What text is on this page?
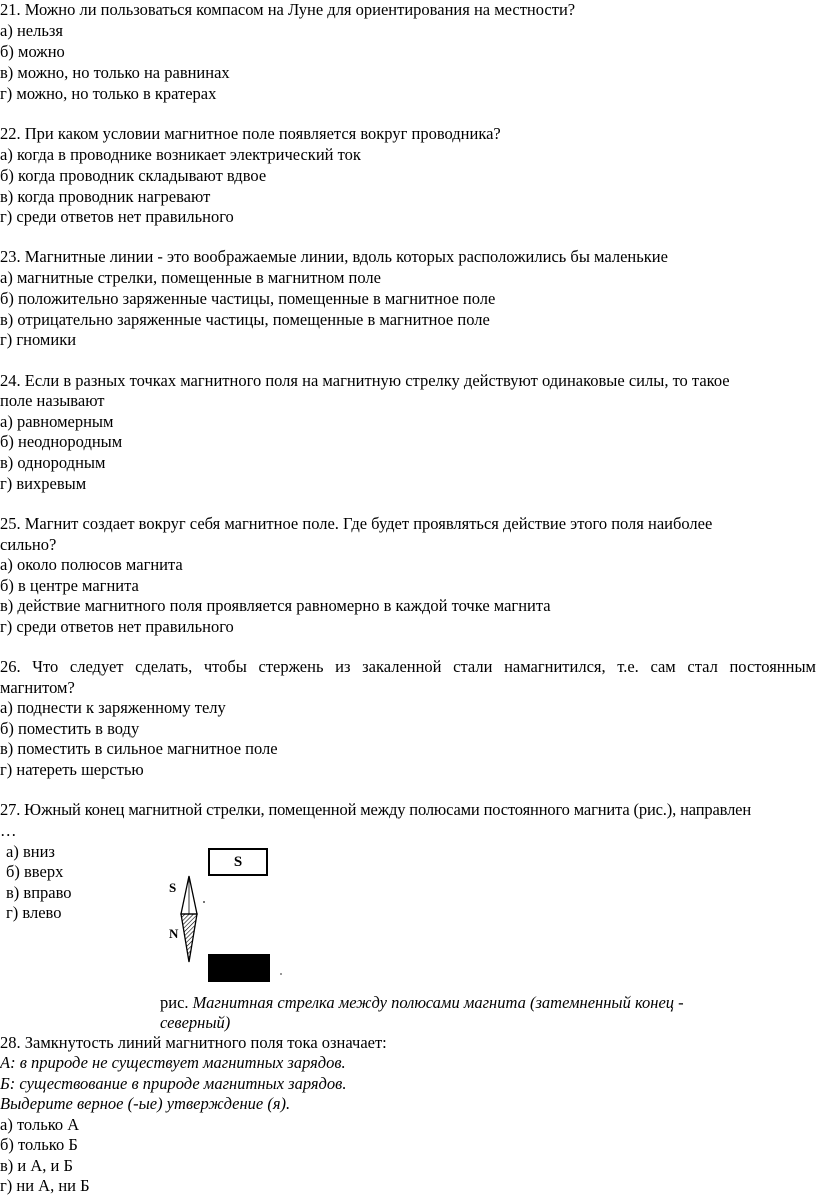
21. Можно ли пользоваться компасом на Луне для ориентирования на местности?
а) нельзя
б) можно
в) можно, но только на равнинах
г) можно, но только в кратерах
22. При каком условии магнитное поле появляется вокруг проводника?
а) когда в проводнике возникает электрический ток
б) когда проводник складывают вдвое
в) когда проводник нагревают
г) среди ответов нет правильного
23. Магнитные линии - это воображаемые линии, вдоль которых расположились бы маленькие
а) магнитные стрелки, помещенные в магнитном поле
б) положительно заряженные частицы, помещенные в магнитное поле
в) отрицательно заряженные частицы, помещенные в магнитное поле
г) гномики
24. Если в разных точках магнитного поля на магнитную стрелку действуют одинаковые силы, то такое
поле называют
а) равномерным
б) неоднородным
в) однородным
г) вихревым
25. Магнит создает вокруг себя магнитное поле. Где будет проявляться действие этого поля наиболее
сильно?
а) около полюсов магнита
б) в центре магнита
в) действие магнитного поля проявляется равномерно в каждой точке магнита
г) среди ответов нет правильного
26. Что следует сделать, чтобы стержень из закаленной стали намагнитился, т.е. сам стал постоянным
магнитом?
а) поднести к заряженному телу
б) поместить в воду
в) поместить в сильное магнитное поле
г) натереть шерстью
27. Южный конец магнитной стрелки, помещенной между полюсами постоянного магнита (рис.), направлен
…
а) вниз
б) вверх
в) вправо
г) влево
S
S
N
рис. Магнитная стрелка между полюсами магнита (затемненный конец -
северный)
28. Замкнутость линий магнитного поля тока означает:
А: в природе не существует магнитных зарядов.
Б: существование в природе магнитных зарядов.
Выдерите верное (-ые) утверждение (я).
а) только А
б) только Б
в) и А, и Б
г) ни А, ни Б
